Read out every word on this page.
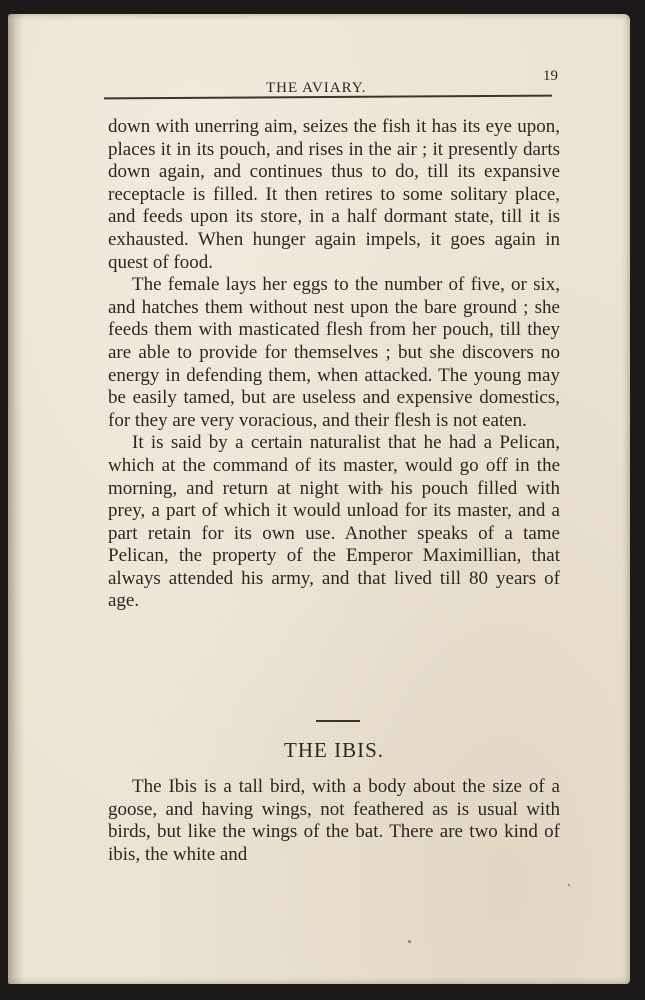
THE AVIARY.
19

down with unerring aim, seizes the fish it has its eye upon, places it in its pouch, and rises in the air ; it presently darts down again, and continues thus to do, till its expansive receptacle is filled. It then retires to some solitary place, and feeds upon its store, in a half dormant state, till it is exhausted. When hunger again impels, it goes again in quest of food.

The female lays her eggs to the number of five, or six, and hatches them without nest upon the bare ground ; she feeds them with masticated flesh from her pouch, till they are able to provide for themselves ; but she discovers no energy in defending them, when attacked. The young may be easily tamed, but are useless and expensive domestics, for they are very voracious, and their flesh is not eaten.

It is said by a certain naturalist that he had a Pelican, which at the command of its master, would go off in the morning, and return at night with his pouch filled with prey, a part of which it would unload for its master, and a part retain for its own use. Another speaks of a tame Pelican, the property of the Emperor Maximillian, that always attended his army, and that lived till 80 years of age.

THE IBIS.

The Ibis is a tall bird, with a body about the size of a goose, and having wings, not feathered as is usual with birds, but like the wings of the bat. There are two kind of ibis, the white and
